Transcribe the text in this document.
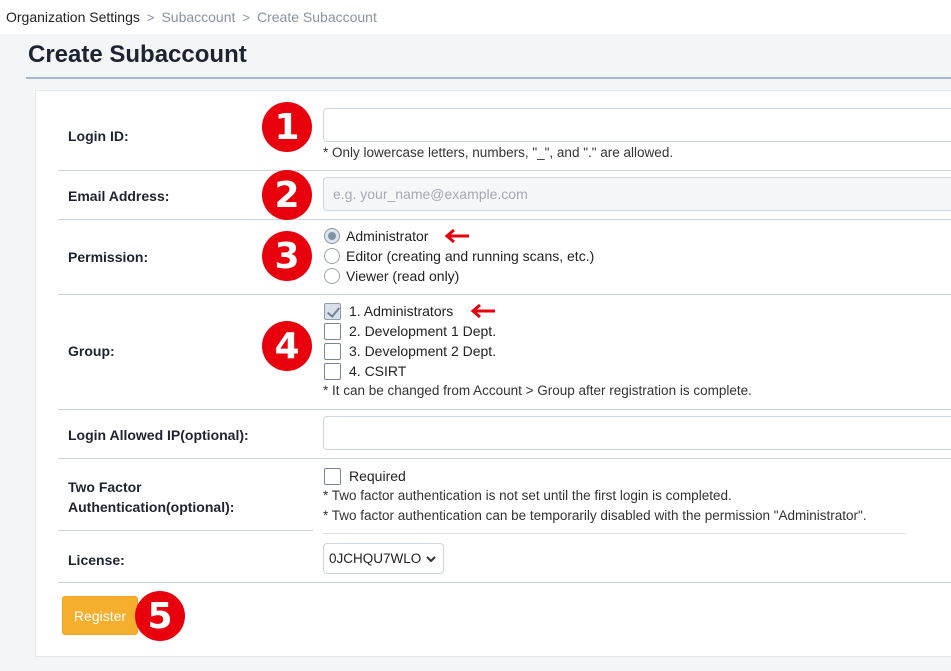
Organization Settings > Subaccount > Create Subaccount
Create Subaccount
Login ID:	1
* Only lowercase letters, numbers, "_", and "." are allowed.
Email Address:	2
e.g. your_name@example.com
Permission:	3	Administrator
Editor (creating and running scans, etc.)
Viewer (read only)
Group:	4
1. Administrators
2. Development 1 Dept.
3. Development 2 Dept.
4. CSIRT
* It can be changed from Account > Group after registration is complete.
Login Allowed IP(optional):
Two Factor
Authentication(optional):
Required
* Two factor authentication is not set until the first login is completed.
* Two factor authentication can be temporarily disabled with the permission "Administrator".
License:	0JCHQU7WLO
Register 5
